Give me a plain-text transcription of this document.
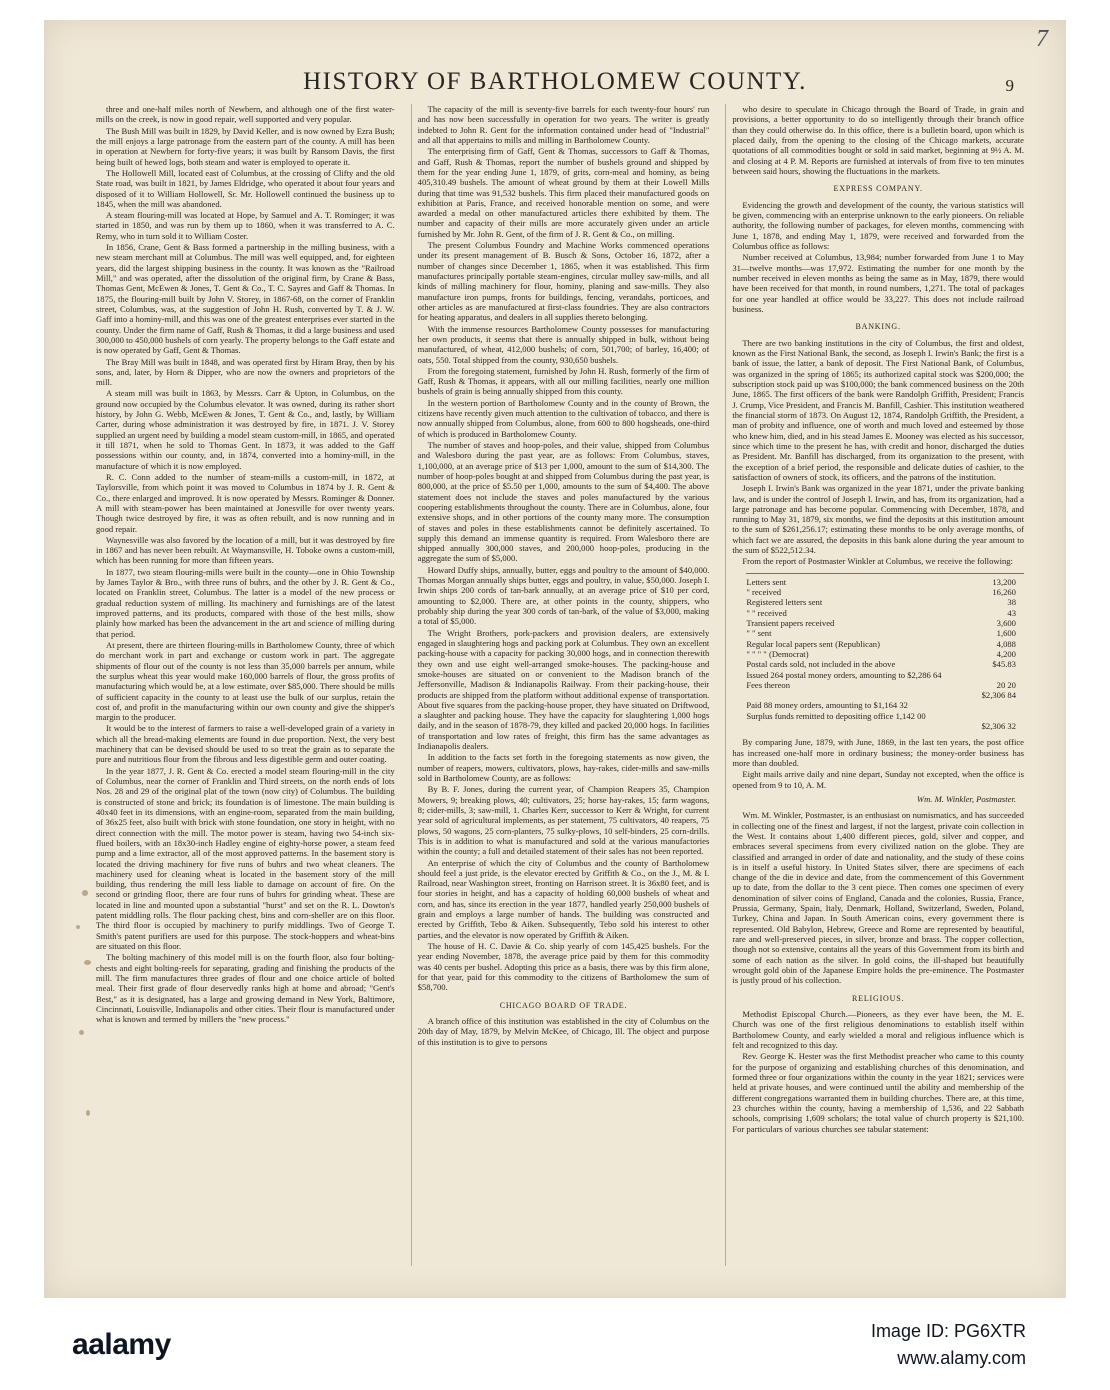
7
HISTORY OF BARTHOLOMEW COUNTY.	9

three and one-half miles north of Newbern, and although one of the first water-mills on the creek, is now in good repair, well supported and very popular.

The Bush Mill was built in 1829, by David Keller, and is now owned by Ezra Bush; the mill enjoys a large patronage from the eastern part of the county. A mill has been in operation at Newbern for forty-five years; it was built by Ransom Davis, the first being built of hewed logs, both steam and water is employed to operate it.

The Hollowell Mill, located east of Columbus, at the crossing of Clifty and the old State road, was built in 1821, by James Eldridge, who operated it about four years and disposed of it to William Hollowell, Sr. Mr. Hollowell continued the business up to 1845, when the mill was abandoned.

A steam flouring-mill was located at Hope, by Samuel and A. T. Rominger; it was started in 1850, and was run by them up to 1860, when it was transferred to A. C. Remy, who in turn sold it to William Coster.

In 1856, Crane, Gent & Bass formed a partnership in the milling business, with a new steam merchant mill at Columbus. The mill was well equipped, and, for eighteen years, did the largest shipping business in the county. It was known as the "Railroad Mill," and was operated, after the dissolution of the original firm, by Crane & Bass, Thomas Gent, McEwen & Jones, T. Gent & Co., T. C. Sayres and Gaff & Thomas. In 1875, the flouring-mill built by John V. Storey, in 1867-68, on the corner of Franklin street, Columbus, was, at the suggestion of John H. Rush, converted by T. & J. W. Gaff into a hominy-mill, and this was one of the greatest enterprises ever started in the county. Under the firm name of Gaff, Rush & Thomas, it did a large business and used 300,000 to 450,000 bushels of corn yearly. The property belongs to the Gaff estate and is now operated by Gaff, Gent & Thomas.

The Bray Mill was built in 1848, and was operated first by Hiram Bray, then by his sons, and, later, by Horn & Dipper, who are now the owners and proprietors of the mill.

A steam mill was built in 1863, by Messrs. Carr & Upton, in Columbus, on the ground now occupied by the Columbus elevator. It was owned, during its rather short history, by John G. Webb, McEwen & Jones, T. Gent & Co., and, lastly, by William Carter, during whose administration it was destroyed by fire, in 1871. J. V. Storey supplied an urgent need by building a model steam custom-mill, in 1865, and operated it till 1871, when he sold to Thomas Gent. In 1873, it was added to the Gaff possessions within our county, and, in 1874, converted into a hominy-mill, in the manufacture of which it is now employed.

R. C. Conn added to the number of steam-mills a custom-mill, in 1872, at Taylorsville, from which point it was moved to Columbus in 1874 by J. R. Gent & Co., there enlarged and improved. It is now operated by Messrs. Rominger & Donner. A mill with steam-power has been maintained at Jonesville for over twenty years. Though twice destroyed by fire, it was as often rebuilt, and is now running and in good repair.

Waynesville was also favored by the location of a mill, but it was destroyed by fire in 1867 and has never been rebuilt. At Waymansville, H. Toboke owns a custom-mill, which has been running for more than fifteen years.

In 1877, two steam flouring-mills were built in the county—one in Ohio Township by James Taylor & Bro., with three runs of buhrs, and the other by J. R. Gent & Co., located on Franklin street, Columbus. The latter is a model of the new process or gradual reduction system of milling. Its machinery and furnishings are of the latest improved patterns, and its products, compared with those of the best mills, show plainly how marked has been the advancement in the art and science of milling during that period.

At present, there are thirteen flouring-mills in Bartholomew County, three of which do merchant work in part and exchange or custom work in part. The aggregate shipments of flour out of the county is not less than 35,000 barrels per annum, while the surplus wheat this year would make 160,000 barrels of flour, the gross profits of manufacturing which would be, at a low estimate, over $85,000. There should be mills of sufficient capacity in the county to at least use the bulk of our surplus, retain the cost of, and profit in the manufacturing within our own county and give the shipper's margin to the producer.

It would be to the interest of farmers to raise a well-developed grain of a variety in which all the bread-making elements are found in due proportion. Next, the very best machinery that can be devised should be used to so treat the grain as to separate the pure and nutritious flour from the fibrous and less digestible germ and outer coating.

In the year 1877, J. R. Gent & Co. erected a model steam flouring-mill in the city of Columbus, near the corner of Franklin and Third streets, on the north ends of lots Nos. 28 and 29 of the original plat of the town (now city) of Columbus. The building is constructed of stone and brick; its foundation is of limestone. The main building is 40x40 feet in its dimensions, with an engine-room, separated from the main building, of 36x25 feet, also built with brick with stone foundation, one story in height, with no direct connection with the mill. The motor power is steam, having two 54-inch six-flued boilers, with an 18x30-inch Hadley engine of eighty-horse power, a steam feed pump and a lime extractor, all of the most approved patterns. In the basement story is located the driving machinery for five runs of buhrs and two wheat cleaners. The machinery used for cleaning wheat is located in the basement story of the mill building, thus rendering the mill less liable to damage on account of fire. On the second or grinding floor, there are four runs of buhrs for grinding wheat. These are located in line and mounted upon a substantial "hurst" and set on the R. L. Dowton's patent middling rolls. The flour packing chest, bins and corn-sheller are on this floor. The third floor is occupied by machinery to purify middlings. Two of George T. Smith's patent purifiers are used for this purpose. The stock-hoppers and wheat-bins are situated on this floor.

The bolting machinery of this model mill is on the fourth floor, also four bolting-chests and eight bolting-reels for separating, grading and finishing the products of the mill. The firm manufactures three grades of flour and one choice article of bolted meal. Their first grade of flour deservedly ranks high at home and abroad; "Gent's Best," as it is designated, has a large and growing demand in New York, Baltimore, Cincinnati, Louisville, Indianapolis and other cities. Their flour is manufactured under what is known and termed by millers the "new process."

The capacity of the mill is seventy-five barrels for each twenty-four hours' run and has now been successfully in operation for two years. The writer is greatly indebted to John R. Gent for the information contained under head of "Industrial" and all that appertains to mills and milling in Bartholomew County.

The enterprising firm of Gaff, Gent & Thomas, successors to Gaff & Thomas, and Gaff, Rush & Thomas, report the number of bushels ground and shipped by them for the year ending June 1, 1879, of grits, corn-meal and hominy, as being 405,310.49 bushels. The amount of wheat ground by them at their Lowell Mills during that time was 91,532 bushels. This firm placed their manufactured goods on exhibition at Paris, France, and received honorable mention on some, and were awarded a medal on other manufactured articles there exhibited by them. The number and capacity of their mills are more accurately given under an article furnished by Mr. John R. Gent, of the firm of J. R. Gent & Co., on milling.

The present Columbus Foundry and Machine Works commenced operations under its present management of B. Busch & Sons, October 16, 1872, after a number of changes since December 1, 1865, when it was established. This firm manufactures principally portable steam-engines, circular mulley saw-mills, and all kinds of milling machinery for flour, hominy, planing and saw-mills. They also manufacture iron pumps, fronts for buildings, fencing, verandahs, porticoes, and other articles as are manufactured at first-class foundries. They are also contractors for heating apparatus, and dealers in all supplies thereto belonging.

With the immense resources Bartholomew County possesses for manufacturing her own products, it seems that there is annually shipped in bulk, without being manufactured, of wheat, 412,000 bushels; of corn, 501,700; of barley, 16,400; of oats, 550. Total shipped from the county, 930,650 bushels.

From the foregoing statement, furnished by John H. Rush, formerly of the firm of Gaff, Rush & Thomas, it appears, with all our milling facilities, nearly one million bushels of grain is being annually shipped from this county.

In the western portion of Bartholomew County and in the county of Brown, the citizens have recently given much attention to the cultivation of tobacco, and there is now annually shipped from Columbus, alone, from 600 to 800 hogsheads, one-third of which is produced in Bartholomew County.

The number of staves and hoop-poles, and their value, shipped from Columbus and Walesboro during the past year, are as follows: From Columbus, staves, 1,100,000, at an average price of $13 per 1,000, amount to the sum of $14,300. The number of hoop-poles bought at and shipped from Columbus during the past year, is 800,000, at the price of $5.50 per 1,000, amounts to the sum of $4,400. The above statement does not include the staves and poles manufactured by the various coopering establishments throughout the county. There are in Columbus, alone, four extensive shops, and in other portions of the county many more. The consumption of staves and poles in these establishments cannot be definitely ascertained. To supply this demand an immense quantity is required. From Walesboro there are shipped annually 300,000 staves, and 200,000 hoop-poles, producing in the aggregate the sum of $5,000.

Howard Duffy ships, annually, butter, eggs and poultry to the amount of $40,000. Thomas Morgan annually ships butter, eggs and poultry, in value, $50,000. Joseph I. Irwin ships 200 cords of tan-bark annually, at an average price of $10 per cord, amounting to $2,000. There are, at other points in the county, shippers, who probably ship during the year 300 cords of tan-bark, of the value of $3,000, making a total of $5,000.

The Wright Brothers, pork-packers and provision dealers, are extensively engaged in slaughtering hogs and packing pork at Columbus. They own an excellent packing-house with a capacity for packing 30,000 hogs, and in connection therewith they own and use eight well-arranged smoke-houses. The packing-house and smoke-houses are situated on or convenient to the Madison branch of the Jeffersonville, Madison & Indianapolis Railway. From their packing-house, their products are shipped from the platform without additional expense of transportation. About five squares from the packing-house proper, they have situated on Driftwood, a slaughter and packing house. They have the capacity for slaughtering 1,000 hogs daily, and in the season of 1878-79, they killed and packed 20,000 hogs. In facilities of transportation and low rates of freight, this firm has the same advantages as Indianapolis dealers.

In addition to the facts set forth in the foregoing statements as now given, the number of reapers, mowers, cultivators, plows, hay-rakes, cider-mills and saw-mills sold in Bartholomew County, are as follows:

By B. F. Jones, during the current year, of Champion Reapers 35, Champion Mowers, 9; breaking plows, 40; cultivators, 25; horse hay-rakes, 15; farm wagons, 8; cider-mills, 3; saw-mill, 1. Charles Kerr, successor to Kerr & Wright, for current year sold of agricultural implements, as per statement, 75 cultivators, 40 reapers, 75 plows, 50 wagons, 25 corn-planters, 75 sulky-plows, 10 self-binders, 25 corn-drills. This is in addition to what is manufactured and sold at the various manufactories within the county; a full and detailed statement of their sales has not been reported.

An enterprise of which the city of Columbus and the county of Bartholomew should feel a just pride, is the elevator erected by Griffith & Co., on the J., M. & I. Railroad, near Washington street, fronting on Harrison street. It is 36x80 feet, and is four stories in height, and has a capacity of holding 60,000 bushels of wheat and corn, and has, since its erection in the year 1877, handled yearly 250,000 bushels of grain and employs a large number of hands. The building was constructed and erected by Griffith, Tebo & Aiken. Subsequently, Tebo sold his interest to other parties, and the elevator is now operated by Griffith & Aiken.

The house of H. C. Davie & Co. ship yearly of corn 145,425 bushels. For the year ending November, 1878, the average price paid by them for this commodity was 40 cents per bushel. Adopting this price as a basis, there was by this firm alone, for that year, paid for this commodity to the citizens of Bartholomew the sum of $58,700.

CHICAGO BOARD OF TRADE.

A branch office of this institution was established in the city of Columbus on the 20th day of May, 1879, by Melvin McKee, of Chicago, Ill. The object and purpose of this institution is to give to persons

who desire to speculate in Chicago through the Board of Trade, in grain and provisions, a better opportunity to do so intelligently through their branch office than they could otherwise do. In this office, there is a bulletin board, upon which is placed daily, from the opening to the closing of the Chicago markets, accurate quotations of all commodities bought or sold in said market, beginning at 9½ A. M. and closing at 4 P. M. Reports are furnished at intervals of from five to ten minutes between said hours, showing the fluctuations in the markets.

EXPRESS COMPANY.

Evidencing the growth and development of the county, the various statistics will be given, commencing with an enterprise unknown to the early pioneers. On reliable authority, the following number of packages, for eleven months, commencing with June 1, 1878, and ending May 1, 1879, were received and forwarded from the Columbus office as follows:

Number received at Columbus, 13,984; number forwarded from June 1 to May 31—twelve months—was 17,972. Estimating the number for one month by the number received in eleven months as being the same as in May, 1879, there would have been received for that month, in round numbers, 1,271. The total of packages for one year handled at office would be 33,227. This does not include railroad business.

BANKING.

There are two banking institutions in the city of Columbus, the first and oldest, known as the First National Bank, the second, as Joseph I. Irwin's Bank; the first is a bank of issue, the latter, a bank of deposit. The First National Bank, of Columbus, was organized in the spring of 1865; its authorized capital stock was $200,000; the subscription stock paid up was $100,000; the bank commenced business on the 20th June, 1865. The first officers of the bank were Randolph Griffith, President; Francis J. Crump, Vice President, and Francis M. Banfill, Cashier. This institution weathered the financial storm of 1873. On August 12, 1874, Randolph Griffith, the President, a man of probity and influence, one of worth and much loved and esteemed by those who knew him, died, and in his stead James E. Mooney was elected as his successor, since which time to the present he has, with credit and honor, discharged the duties as President. Mr. Banfill has discharged, from its organization to the present, with the exception of a brief period, the responsible and delicate duties of cashier, to the satisfaction of owners of stock, its officers, and the patrons of the institution.

Joseph I. Irwin's Bank was organized in the year 1871, under the private banking law, and is under the control of Joseph I. Irwin, and has, from its organization, had a large patronage and has become popular. Commencing with December, 1878, and running to May 31, 1879, six months, we find the deposits at this institution amount to the sum of $261,256.17; estimating these months to be only average months, of which fact we are assured, the deposits in this bank alone during the year amount to the sum of $522,512.34.

From the report of Postmaster Winkler at Columbus, we receive the following:

Letters sent	13,200
" received	16,260
Registered letters sent	38
" " received	43
Transient papers received	3,600
" " sent	1,600
Regular local papers sent (Republican)	4,088
" " " " (Democrat)	4,200
Postal cards sold, not included in the above	$45.83
Issued 264 postal money orders, amounting to $2,286 64
Fees thereon	20 20
$2,306 84
Paid 88 money orders, amounting to $1,164 32
Surplus funds remitted to depositing office 1,142 00
$2,306 32

By comparing June, 1879, with June, 1869, in the last ten years, the post office has increased one-half more in ordinary business; the money-order business has more than doubled.

Eight mails arrive daily and nine depart, Sunday not excepted, when the office is opened from 9 to 10, A. M.

Wm. M. Winkler, Postmaster.

Wm. M. Winkler, Postmaster, is an enthusiast on numismatics, and has succeeded in collecting one of the finest and largest, if not the largest, private coin collection in the West. It contains about 1,400 different pieces, gold, silver and copper, and embraces several specimens from every civilized nation on the globe. They are classified and arranged in order of date and nationality, and the study of these coins is in itself a useful history. In United States silver, there are specimens of each change of the die in device and date, from the commencement of this Government up to date, from the dollar to the 3 cent piece. Then comes one specimen of every denomination of silver coins of England, Canada and the colonies, Russia, France, Prussia, Germany, Spain, Italy, Denmark, Holland, Switzerland, Sweden, Poland, Turkey, China and Japan. In South American coins, every government there is represented. Old Babylon, Hebrew, Greece and Rome are represented by beautiful, rare and well-preserved pieces, in silver, bronze and brass. The copper collection, though not so extensive, contains all the years of this Government from its birth and some of each nation as the silver. In gold coins, the ill-shaped but beautifully wrought gold obin of the Japanese Empire holds the pre-eminence. The Postmaster is justly proud of his collection.

RELIGIOUS.

Methodist Episcopal Church.—Pioneers, as they ever have been, the M. E. Church was one of the first religious denominations to establish itself within Bartholomew County, and early wielded a moral and religious influence which is felt and recognized to this day.

Rev. George K. Hester was the first Methodist preacher who came to this county for the purpose of organizing and establishing churches of this denomination, and formed three or four organizations within the county in the year 1821; services were held at private houses, and were continued until the ability and membership of the different congregations warranted them in building churches. There are, at this time, 23 churches within the county, having a membership of 1,536, and 22 Sabbath schools, comprising 1,609 scholars; the total value of church property is $21,100. For particulars of various churches see tabular statement:

aalamy	Image ID: PG6XTR
www.alamy.com
